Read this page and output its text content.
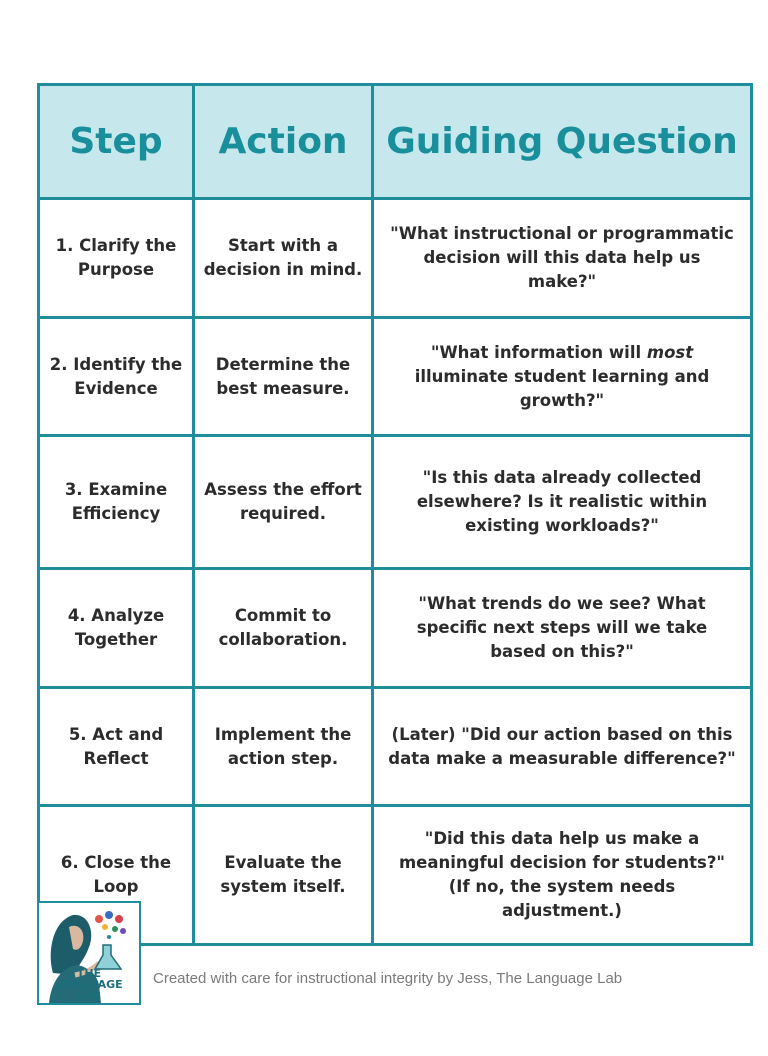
Step	Action	Guiding Question
1. Clarify the Purpose	Start with a decision in mind.	"What instructional or programmatic decision will this data help us make?"
2. Identify the Evidence	Determine the best measure.	"What information will most illuminate student learning and growth?"
3. Examine Efficiency	Assess the effort required.	"Is this data already collected elsewhere? Is it realistic within existing workloads?"
4. Analyze Together	Commit to collaboration.	"What trends do we see? What specific next steps will we take based on this?"
5. Act and Reflect	Implement the action step.	(Later) "Did our action based on this data make a measurable difference?"
6. Close the Loop	Evaluate the system itself.	"Did this data help us make a meaningful decision for students?" (If no, the system needs adjustment.)
THE
LANGUAGE
LAB
Created with care for instructional integrity by Jess, The Language Lab
